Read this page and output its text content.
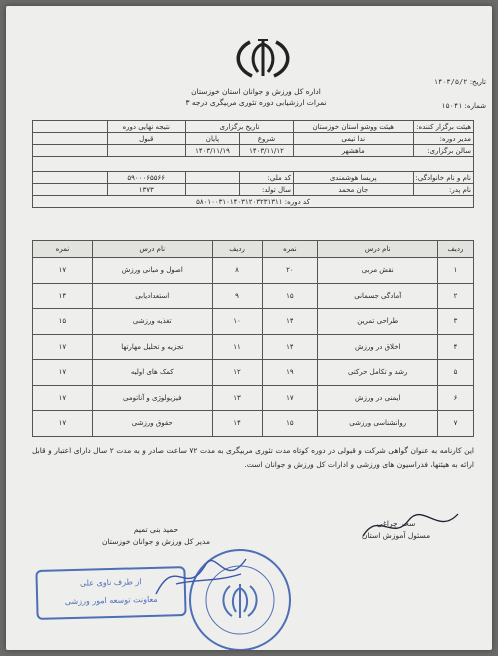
اداره کل ورزش و جوانان استان خوزستان
نمرات ارزشیابی دوره تئوری مربیگری درجه ۳
تاریخ: ۱۴۰۳/۵/۲
شماره: ۱۵۰۴۱
هیئت برگزار کننده:	هیئت ووشو استان خوزستان	تاریخ برگزاری		نتیجه نهایی دوره	
مدیر دوره:	ندا تیمی	شروع	پایان	قبول	
سالن برگزاری:	ماهشهر	۱۴۰۳/۱۱/۱۲	۱۴۰۳/۱۱/۱۹		

نام و نام خانوادگی:	پریسا هوشمندی	کد ملی:		۵۹۰۰۰۶۵۵۶۶	
نام پدر:	جان محمد	سال تولد:		۱۳۷۳	
کد دوره: ۵۸۰۱۰۰۳۱۰۱۴۰۳۱۲۰۳۲۳۱۳۱۱					
ردیف	نام درس	نمره	ردیف	نام درس	نمره
۱	نقش مربی	۲۰	۸	اصول و مبانی ورزش	۱۷
۲	آمادگی جسمانی	۱۵	۹	استعدادیابی	۱۴
۳	طراحی تمرین	۱۴	۱۰	تغذیه ورزشی	۱۵
۴	اخلاق در ورزش	۱۴	۱۱	تجزیه و تحلیل مهارتها	۱۷
۵	رشد و تکامل حرکتی	۱۹	۱۲	کمک های اولیه	۱۷
۶	ایمنی در ورزش	۱۷	۱۳	فیزیولوژی و آناتومی	۱۷
۷	روانشناسی ورزشی	۱۵	۱۴	حقوق ورزشی	۱۷
این کارنامه به عنوان گواهی شرکت و قبولی در دوره کوتاه مدت تئوری مربیگری به مدت ۷۲ ساعت صادر و به مدت ۲ سال دارای اعتبار و قابل ارائه به هیئتها، فدراسیون های ورزشی و ادارات کل ورزش و جوانان است.
سحر چراغی
مسئول آموزش استان
حمید بنی تمیم
مدیر کل ورزش و جوانان خوزستان
از طرف ناوی علی
معاونت توسعه امور ورزشی
